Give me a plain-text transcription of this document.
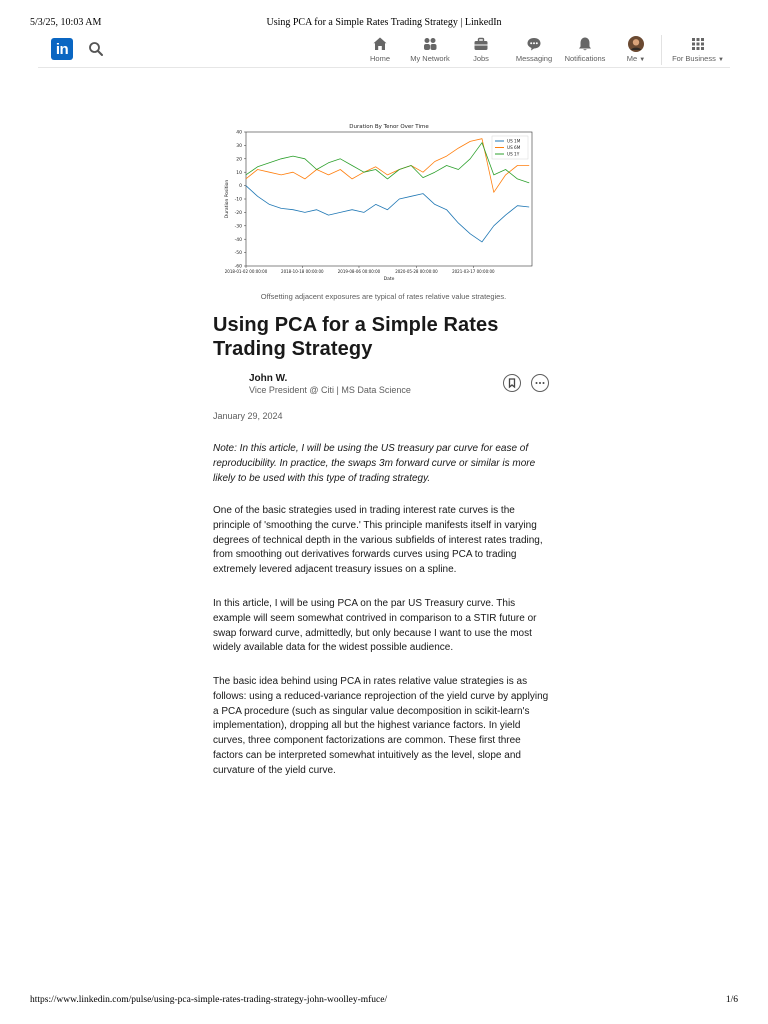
5/3/25, 10:03 AM	Using PCA for a Simple Rates Trading Strategy | LinkedIn
in
Home	My Network	Jobs	Messaging	Notifications	Me ▼	For Business ▼
Duration By Tenor Over Time
Date
Duration Position
40
30
20
10
0
-10
-20
-30
-40
-50
-60
2018-01-02 00:00:00	2018-10-18 00:00:00	2019-08-06 00:00:00	2020-05-28 00:00:00	2021-03-17 00:00:00
US 1M
US 6M
US 1Y
Offsetting adjacent exposures are typical of rates relative value strategies.
Using PCA for a Simple Rates Trading Strategy
John W.
Vice President @ Citi | MS Data Science
January 29, 2024

Note: In this article, I will be using the US treasury par curve for ease of reproducibility. In practice, the swaps 3m forward curve or similar is more likely to be used with this type of trading strategy.

One of the basic strategies used in trading interest rate curves is the principle of 'smoothing the curve.' This principle manifests itself in varying degrees of technical depth in the various subfields of interest rates trading, from smoothing out derivatives forwards curves using PCA to trading extremely levered adjacent treasury issues on a spline.

In this article, I will be using PCA on the par US Treasury curve. This example will seem somewhat contrived in comparison to a STIR future or swap forward curve, admittedly, but only because I want to use the most widely available data for the widest possible audience.

The basic idea behind using PCA in rates relative value strategies is as follows: using a reduced-variance reprojection of the yield curve by applying a PCA procedure (such as singular value decomposition in scikit-learn's implementation), dropping all but the highest variance factors. In yield curves, three component factorizations are common. These first three factors can be interpreted somewhat intuitively as the level, slope and curvature of the yield curve.

https://www.linkedin.com/pulse/using-pca-simple-rates-trading-strategy-john-woolley-mfuce/	1/6
